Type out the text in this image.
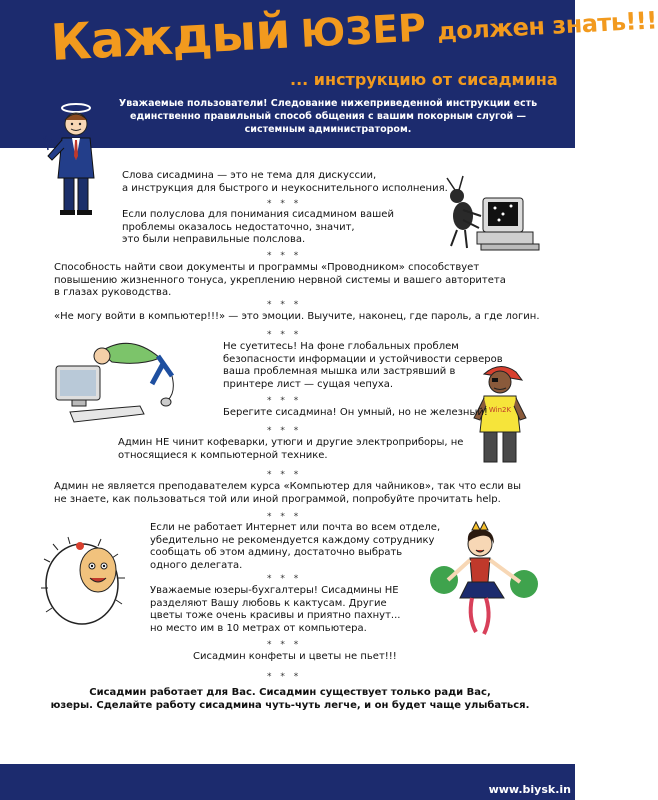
Каждый ЮЗЕР должен знать!!!
... инструкцию от сисадмина
Уважаемые пользователи! Следование нижеприведенной инструкции есть
единственно правильный способ общения с вашим покорным слугой —
системным администратором.
Win2K
Слова сисадмина — это не тема для дискуссии,
а инструкция для быстрого и неукоснительного исполнения.
* * *
Если полуслова для понимания сисадмином вашей
проблемы оказалось недостаточно, значит,
это были неправильные полслова.
* * *
Способность найти свои документы и программы «Проводником» способствует
повышению жизненного тонуса, укреплению нервной системы и вашего авторитета
в глазах руководства.
* * *
«Не могу войти в компьютер!!!» — это эмоции. Выучите, наконец, где пароль, а где логин.
* * *
Не суетитесь! На фоне глобальных проблем
безопасности информации и устойчивости серверов
ваша проблемная мышка или застрявший в
принтере лист — сущая чепуха.
* * *
Берегите сисадмина! Он умный, но не железный!
* * *
Админ НЕ чинит кофеварки, утюги и другие электроприборы, не
относящиеся к компьютерной технике.
* * *
Админ не является преподавателем курса «Компьютер для чайников», так что если вы
не знаете, как пользоваться той или иной программой, попробуйте прочитать help.
* * *
Если не работает Интернет или почта во всем отделе,
убедительно не рекомендуется каждому сотруднику
сообщать об этом админу, достаточно выбрать
одного делегата.
* * *
Уважаемые юзеры-бухгалтеры! Сисадмины НЕ
разделяют Вашу любовь к кактусам. Другие
цветы тоже очень красивы и приятно пахнут...
но место им в 10 метрах от компьютера.
* * *
Сисадмин конфеты и цветы не пьет!!!
* * *
Сисадмин работает для Вас. Сисадмин существует только ради Вас,
юзеры. Сделайте работу сисадмина чуть-чуть легче, и он будет чаще улыбаться.
www.biysk.in
